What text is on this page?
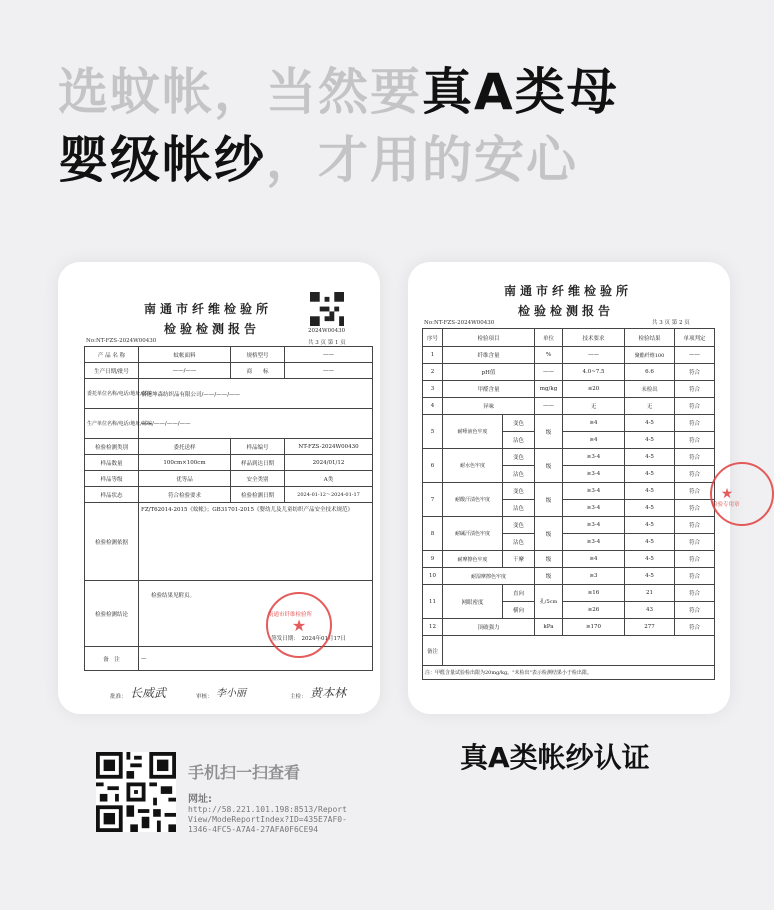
选蚊帐，当然要真A类母
婴级帐纱，才用的安心
南通市纤维检验所
检验检测报告	2024W00430
No:NT-FZS-2024W00430	共 3 页 第 1 页
产 品 名 称	蚊帐面料	规格型号	——
生产日期/批号	——/——	商　　标	——
委托单位名称/电话/地址/邮编	宿迁坤森纺织品有限公司/——/——/——		
生产单位名称/电话/地址/邮编	——/——/——/——		
检验检测类别	委托送样	样品编号	NT-FZS-2024W00430
样品数量	100cm×100cm	样品到达日期	2024/01/12
样品等级	优等品	安全类别	A类
样品状态	符合检验要求	检验检测日期	2024-01-12～2024-01-17
检验检测依据	FZ/T62014-2015《蚊帐》；GB31701-2015《婴幼儿及儿童纺织产品安全技术规范》		
检验检测结论	检验结果见附页。
签发日期：　2024年01月17日		

备　注	—		
★
南通市纤维检验所
批准： 长威武	审核： 李小丽	主检： 黄本林
南通市纤维检验所
检验检测报告
No:NT-FZS-2024W00430	共 3 页 第 2 页
序号	检验项目		单位	技术要求	检验结果	单项判定
1	纤维含量		%	——	聚酯纤维100	——
2	pH值		——	4.0~7.5	6.6	符合
3	甲醛含量		mg/kg	≤20	未检出	符合
4	异味		——	无	无	符合
5	耐唾液色牢度	变色	级	≥4	4-5	符合
		沾色		≥4	4-5	符合
6	耐水色牢度	变色	级	≥3-4	4-5	符合
		沾色		≥3-4	4-5	符合
7	耐酸汗渍色牢度	变色	级	≥3-4	4-5	符合
		沾色		≥3-4	4-5	符合
8	耐碱汗渍色牢度	变色	级	≥3-4	4-5	符合
		沾色		≥3-4	4-5	符合
9	耐摩擦色牢度	干摩	级	≥4	4-5	符合
10	耐湿摩擦色牢度		级	≥3	4-5	符合
11	网眼密度	直向	孔/5cm	≥16	21	符合
		横向		≥26	43	符合
12	顶破强力		kPa	≥170	277	符合
备注						
注：甲醛含量试验检出限为20mg/kg。"未检出"表示检测结果小于检出限。						
★
检验专用章
手机扫一扫查看
网址:
http://58.221.101.198:8513/ReportView/ModeReportIndex?ID=435E7AF0-1346-4FC5-A7A4-27AFA0F6CE94
真A类帐纱认证
